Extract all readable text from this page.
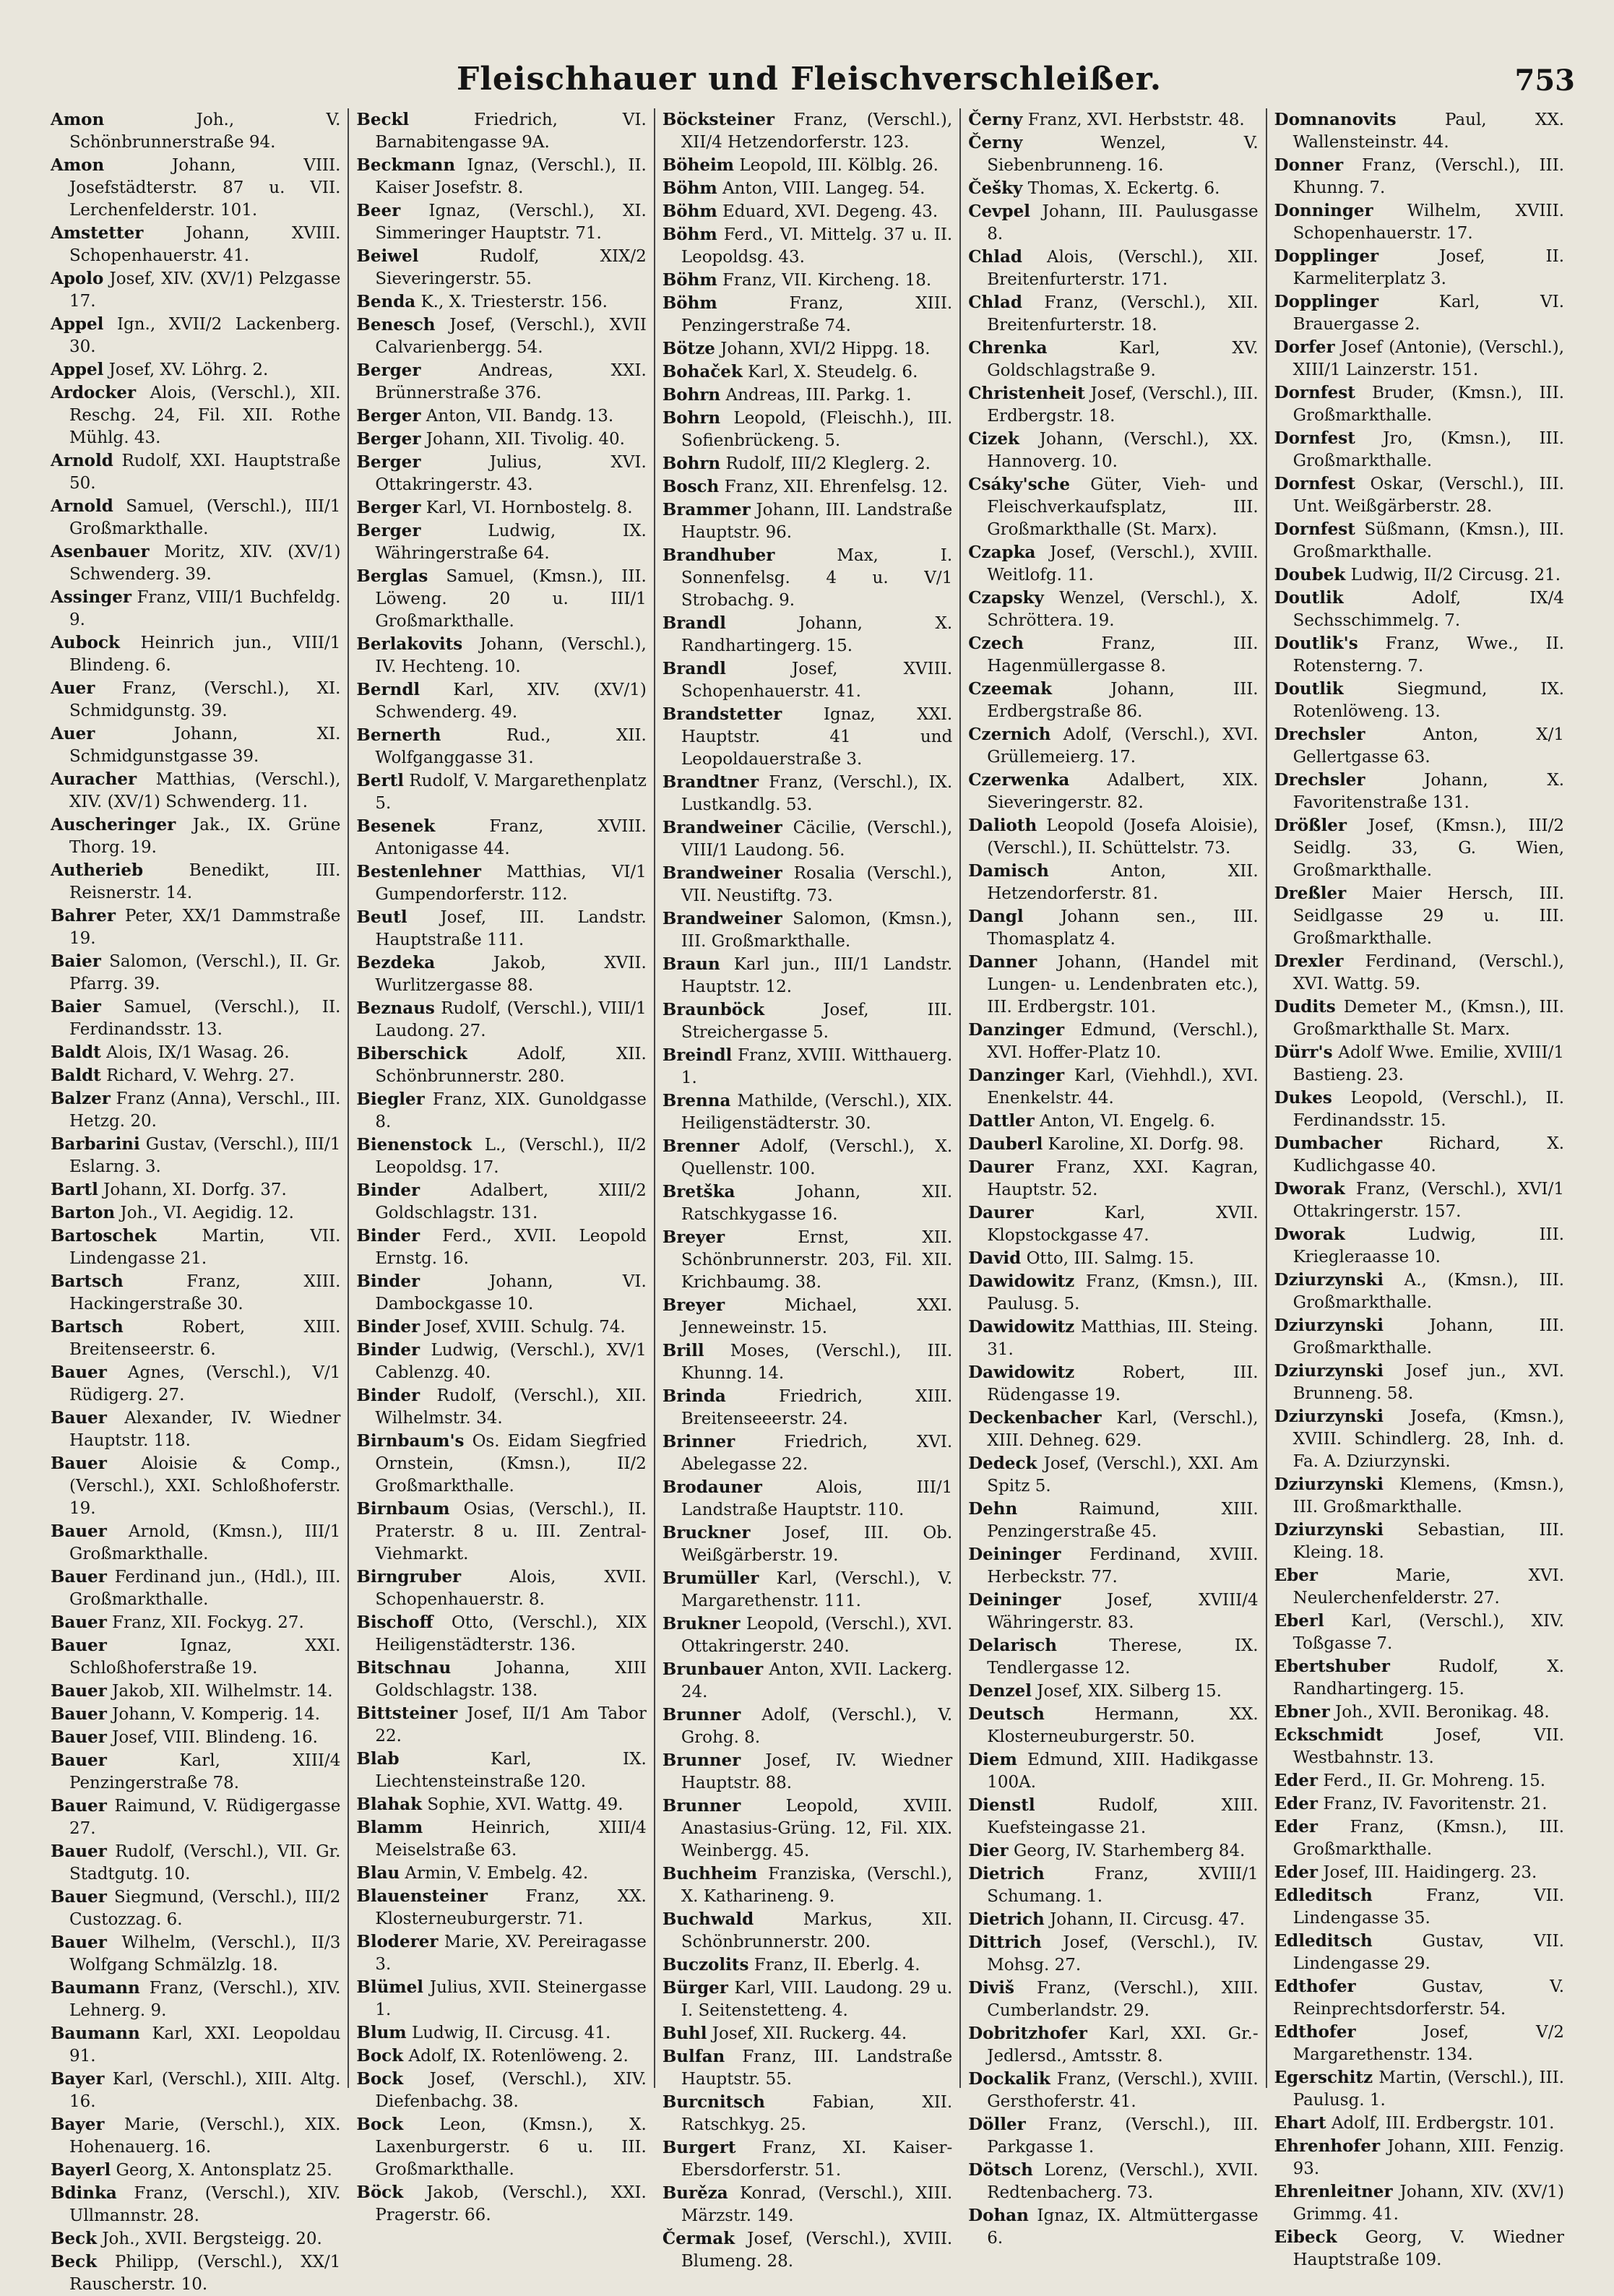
Fleischhauer und Fleischverschleißer.	753
Amon	Joh., V. Schönbrunnerstraße 94.
Amon	Johann, VIII. Josefstädterstr. 87 u. VII. Lerchenfelderstr. 101.
Amstetter	Johann, XVIII. Schopenhauerstr. 41.
Apolo Josef, XIV. (XV/1) Pelzgasse 17.
Appel Ign., XVII/2 Lackenberg. 30.
Appel Josef, XV. Löhrg. 2.
Ardocker Alois, (Verschl.), XII. Reschg. 24, Fil. XII. Rothe Mühlg. 43.
Arnold Rudolf, XXI. Hauptstraße 50.
Arnold Samuel, (Verschl.), III/1 Großmarkthalle.
Asenbauer Moritz, XIV. (XV/1) Schwenderg. 39.
Assinger Franz, VIII/1 Buchfeldg. 9.
Aubock Heinrich jun., VIII/1 Blindeng. 6.
Auer Franz, (Verschl.), XI. Schmidgunstg. 39.
Auer	Johann, XI. Schmidgunstgasse 39.
Auracher Matthias, (Verschl.), XIV. (XV/1) Schwenderg. 11.
Auscheringer Jak., IX. Grüne Thorg. 19.
Autherieb	Benedikt, III. Reisnerstr. 14.
Bahrer Peter, XX/1 Dammstraße 19.
Baier Salomon, (Verschl.), II. Gr. Pfarrg. 39.
Baier Samuel, (Verschl.), II. Ferdinandsstr. 13.
Baldt Alois, IX/1 Wasag. 26.
Baldt Richard, V. Wehrg. 27.
Balzer Franz (Anna), Verschl., III. Hetzg. 20.
Barbarini Gustav, (Verschl.), III/1 Eslarng. 3.
Bartl Johann, XI. Dorfg. 37.
Barton Joh., VI. Aegidig. 12.
Bartoschek	Martin, VII. Lindengasse 21.
Bartsch	Franz, XIII. Hackingerstraße 30.
Bartsch	Robert, XIII. Breitenseerstr. 6.
Bauer Agnes, (Verschl.), V/1 Rüdigerg. 27.
Bauer Alexander, IV. Wiedner Hauptstr. 118.
Bauer Aloisie & Comp., (Verschl.), XXI. Schloßhoferstr. 19.
Bauer Arnold, (Kmsn.), III/1 Großmarkthalle.
Bauer Ferdinand jun., (Hdl.), III. Großmarkthalle.
Bauer Franz, XII. Fockyg. 27.
Bauer	Ignaz, XXI. Schloßhoferstraße 19.
Bauer Jakob, XII. Wilhelmstr. 14.
Bauer Johann, V. Komperig. 14.
Bauer Josef, VIII. Blindeng. 16.
Bauer	Karl, XIII/4 Penzingerstraße 78.
Bauer Raimund, V. Rüdigergasse 27.
Bauer Rudolf, (Verschl.), VII. Gr. Stadtgutg. 10.
Bauer Siegmund, (Verschl.), III/2 Custozzag. 6.
Bauer Wilhelm, (Verschl.), II/3 Wolfgang Schmälzlg. 18.
Baumann Franz, (Verschl.), XIV. Lehnerg. 9.
Baumann Karl, XXI. Leopoldau 91.
Bayer Karl, (Verschl.), XIII. Altg. 16.
Bayer Marie, (Verschl.), XIX. Hohenauerg. 16.
Bayerl Georg, X. Antonsplatz 25.
Bdinka Franz, (Verschl.), XIV. Ullmannstr. 28.
Beck Joh., XVII. Bergsteigg. 20.
Beck Philipp, (Verschl.), XX/1 Rauscherstr. 10.
Beckl	Friedrich, VI. Barnabitengasse 9A.
Beckmann Ignaz, (Verschl.), II. Kaiser Josefstr. 8.
Beer Ignaz, (Verschl.), XI. Simmeringer Hauptstr. 71.
Beiwel	Rudolf, XIX/2 Sieveringerstr. 55.
Benda K., X. Triesterstr. 156.
Benesch Josef, (Verschl.), XVII Calvarienbergg. 54.
Berger	Andreas, XXI. Brünnerstraße 376.
Berger Anton, VII. Bandg. 13.
Berger Johann, XII. Tivolig. 40.
Berger	Julius, XVI. Ottakringerstr. 43.
Berger Karl, VI. Hornbostelg. 8.
Berger	Ludwig, IX. Währingerstraße 64.
Berglas Samuel, (Kmsn.), III. Löweng. 20 u. III/1 Großmarkthalle.
Berlakovits Johann, (Verschl.), IV. Hechteng. 10.
Berndl Karl, XIV. (XV/1) Schwenderg. 49.
Bernerth	Rud., XII. Wolfganggasse 31.
Bertl Rudolf, V. Margarethenplatz 5.
Besenek	Franz, XVIII. Antonigasse 44.
Bestenlehner Matthias, VI/1 Gumpendorferstr. 112.
Beutl Josef, III. Landstr. Hauptstraße 111.
Bezdeka	Jakob, XVII. Wurlitzergasse 88.
Beznaus Rudolf, (Verschl.), VIII/1 Laudong. 27.
Biberschick	Adolf, XII. Schönbrunnerstr. 280.
Biegler Franz, XIX. Gunoldgasse 8.
Bienenstock L., (Verschl.), II/2 Leopoldsg. 17.
Binder	Adalbert, XIII/2 Goldschlagstr. 131.
Binder Ferd., XVII. Leopold Ernstg. 16.
Binder	Johann, VI. Dambockgasse 10.
Binder Josef, XVIII. Schulg. 74.
Binder Ludwig, (Verschl.), XV/1 Cablenzg. 40.
Binder Rudolf, (Verschl.), XII. Wilhelmstr. 34.
Birnbaum's Os. Eidam Siegfried Ornstein, (Kmsn.), II/2 Großmarkthalle.
Birnbaum Osias, (Verschl.), II. Praterstr. 8 u. III. Zentral-Viehmarkt.
Birngruber	Alois, XVII. Schopenhauerstr. 8.
Bischoff Otto, (Verschl.), XIX Heiligenstädterstr. 136.
Bitschnau	Johanna, XIII Goldschlagstr. 138.
Bittsteiner Josef, II/1 Am Tabor 22.
Blab	Karl, IX. Liechtensteinstraße 120.
Blahak Sophie, XVI. Wattg. 49.
Blamm	Heinrich, XIII/4 Meiselstraße 63.
Blau Armin, V. Embelg. 42.
Blauensteiner Franz, XX. Klosterneuburgerstr. 71.
Bloderer Marie, XV. Pereiragasse 3.
Blümel Julius, XVII. Steinergasse 1.
Blum Ludwig, II. Circusg. 41.
Bock Adolf, IX. Rotenlöweng. 2.
Bock Josef, (Verschl.), XIV. Diefenbachg. 38.
Bock Leon, (Kmsn.), X. Laxenburgerstr. 6 u. III. Großmarkthalle.
Böck Jakob, (Verschl.), XXI. Pragerstr. 66.
Böcksteiner Franz, (Verschl.), XII/4 Hetzendorferstr. 123.
Böheim Leopold, III. Kölblg. 26.
Böhm Anton, VIII. Langeg. 54.
Böhm Eduard, XVI. Degeng. 43.
Böhm Ferd., VI. Mittelg. 37 u. II. Leopoldsg. 43.
Böhm Franz, VII. Kircheng. 18.
Böhm	Franz, XIII. Penzingerstraße 74.
Bötze Johann, XVI/2 Hippg. 18.
Bohaček Karl, X. Steudelg. 6.
Bohrn Andreas, III. Parkg. 1.
Bohrn Leopold, (Fleischh.), III. Sofienbrückeng. 5.
Bohrn Rudolf, III/2 Kleglerg. 2.
Bosch Franz, XII. Ehrenfelsg. 12.
Brammer Johann, III. Landstraße Hauptstr. 96.
Brandhuber	Max, I. Sonnenfelsg. 4 u. V/1 Strobachg. 9.
Brandl	Johann, X. Randhartingerg. 15.
Brandl	Josef, XVIII. Schopenhauerstr. 41.
Brandstetter	Ignaz, XXI. Hauptstr. 41 und Leopoldauerstraße 3.
Brandtner Franz, (Verschl.), IX. Lustkandlg. 53.
Brandweiner Cäcilie, (Verschl.), VIII/1 Laudong. 56.
Brandweiner Rosalia (Verschl.), VII. Neustiftg. 73.
Brandweiner Salomon, (Kmsn.), III. Großmarkthalle.
Braun Karl jun., III/1 Landstr. Hauptstr. 12.
Braunböck	Josef, III. Streichergasse 5.
Breindl Franz, XVIII. Witthauerg. 1.
Brenna Mathilde, (Verschl.), XIX. Heiligenstädterstr. 30.
Brenner Adolf, (Verschl.), X. Quellenstr. 100.
Bretška	Johann, XII. Ratschkygasse 16.
Breyer	Ernst, XII. Schönbrunnerstr. 203, Fil. XII. Krichbaumg. 38.
Breyer	Michael, XXI. Jenneweinstr. 15.
Brill Moses, (Verschl.), III. Khunng. 14.
Brinda	Friedrich, XIII. Breitenseeerstr. 24.
Brinner	Friedrich, XVI. Abelegasse 22.
Brodauner	Alois, III/1 Landstraße Hauptstr. 110.
Bruckner Josef, III. Ob. Weißgärberstr. 19.
Brumüller Karl, (Verschl.), V. Margarethenstr. 111.
Brukner Leopold, (Verschl.), XVI. Ottakringerstr. 240.
Brunbauer Anton, XVII. Lackerg. 24.
Brunner Adolf, (Verschl.), V. Grohg. 8.
Brunner Josef, IV. Wiedner Hauptstr. 88.
Brunner	Leopold, XVIII. Anastasius-Grüng. 12, Fil. XIX. Weinbergg. 45.
Buchheim Franziska, (Verschl.), X. Katharineng. 9.
Buchwald	Markus, XII. Schönbrunnerstr. 200.
Buczolits Franz, II. Eberlg. 4.
Bürger Karl, VIII. Laudong. 29 u. I. Seitenstetteng. 4.
Buhl Josef, XII. Ruckerg. 44.
Bulfan Franz, III. Landstraße Hauptstr. 55.
Burcnitsch	Fabian, XII. Ratschkyg. 25.
Burgert Franz, XI. Kaiser-Ebersdorferstr. 51.
Burěza Konrad, (Verschl.), XIII. Märzstr. 149.
Čermak Josef, (Verschl.), XVIII. Blumeng. 28.
Černy Franz, XVI. Herbststr. 48.
Černy	Wenzel, V. Siebenbrunneng. 16.
Češky Thomas, X. Eckertg. 6.
Cevpel Johann, III. Paulusgasse 8.
Chlad Alois, (Verschl.), XII. Breitenfurterstr. 171.
Chlad Franz, (Verschl.), XII. Breitenfurterstr. 18.
Chrenka	Karl, XV. Goldschlagstraße 9.
Christenheit Josef, (Verschl.), III. Erdbergstr. 18.
Cizek Johann, (Verschl.), XX. Hannoverg. 10.
Csáky'sche Güter, Vieh- und Fleischverkaufsplatz, III. Großmarkthalle (St. Marx).
Czapka Josef, (Verschl.), XVIII. Weitlofg. 11.
Czapsky Wenzel, (Verschl.), X. Schröttera. 19.
Czech	Franz, III. Hagenmüllergasse 8.
Czeemak	Johann, III. Erdbergstraße 86.
Czernich Adolf, (Verschl.), XVI. Grüllemeierg. 17.
Czerwenka Adalbert, XIX. Sieveringerstr. 82.
Dalioth Leopold (Josefa Aloisie), (Verschl.), II. Schüttelstr. 73.
Damisch	Anton, XII. Hetzendorferstr. 81.
Dangl Johann sen., III. Thomasplatz 4.
Danner Johann, (Handel mit Lungen- u. Lendenbraten etc.), III. Erdbergstr. 101.
Danzinger Edmund, (Verschl.), XVI. Hoffer-Platz 10.
Danzinger Karl, (Viehhdl.), XVI. Enenkelstr. 44.
Dattler Anton, VI. Engelg. 6.
Dauberl Karoline, XI. Dorfg. 98.
Daurer Franz, XXI. Kagran, Hauptstr. 52.
Daurer	Karl, XVII. Klopstockgasse 47.
David Otto, III. Salmg. 15.
Dawidowitz Franz, (Kmsn.), III. Paulusg. 5.
Dawidowitz Matthias, III. Steing. 31.
Dawidowitz	Robert, III. Rüdengasse 19.
Deckenbacher Karl, (Verschl.), XIII. Dehneg. 629.
Dedeck Josef, (Verschl.), XXI. Am Spitz 5.
Dehn	Raimund, XIII. Penzingerstraße 45.
Deininger Ferdinand, XVIII. Herbeckstr. 77.
Deininger	Josef, XVIII/4 Währingerstr. 83.
Delarisch	Therese, IX. Tendlergasse 12.
Denzel Josef, XIX. Silberg 15.
Deutsch	Hermann, XX. Klosterneuburgerstr. 50.
Diem Edmund, XIII. Hadikgasse 100A.
Dienstl	Rudolf, XIII. Kuefsteingasse 21.
Dier Georg, IV. Starhemberg 84.
Dietrich	Franz, XVIII/1 Schumang. 1.
Dietrich Johann, II. Circusg. 47.
Dittrich Josef, (Verschl.), IV. Mohsg. 27.
Diviš Franz, (Verschl.), XIII. Cumberlandstr. 29.
Dobritzhofer Karl, XXI. Gr.-Jedlersd., Amtsstr. 8.
Dockalik Franz, (Verschl.), XVIII. Gersthoferstr. 41.
Döller Franz, (Verschl.), III. Parkgasse 1.
Dötsch Lorenz, (Verschl.), XVII. Redtenbacherg. 73.
Dohan Ignaz, IX. Altmüttergasse 6.
Domnanovits	Paul, XX. Wallensteinstr. 44.
Donner Franz, (Verschl.), III. Khunng. 7.
Donninger Wilhelm, XVIII. Schopenhauerstr. 17.
Dopplinger	Josef, II. Karmeliterplatz 3.
Dopplinger	Karl, VI. Brauergasse 2.
Dorfer Josef (Antonie), (Verschl.), XIII/1 Lainzerstr. 151.
Dornfest Bruder, (Kmsn.), III. Großmarkthalle.
Dornfest Jro, (Kmsn.), III. Großmarkthalle.
Dornfest Oskar, (Verschl.), III. Unt. Weißgärberstr. 28.
Dornfest Süßmann, (Kmsn.), III. Großmarkthalle.
Doubek Ludwig, II/2 Circusg. 21.
Doutlik	Adolf, IX/4 Sechsschimmelg. 7.
Doutlik's Franz, Wwe., II. Rotensterng. 7.
Doutlik	Siegmund, IX. Rotenlöweng. 13.
Drechsler	Anton, X/1 Gellertgasse 63.
Drechsler	Johann, X. Favoritenstraße 131.
Drößler Josef, (Kmsn.), III/2 Seidlg. 33, G. Wien, Großmarkthalle.
Dreßler Maier Hersch, III. Seidlgasse 29 u. III. Großmarkthalle.
Drexler Ferdinand, (Verschl.), XVI. Wattg. 59.
Dudits Demeter M., (Kmsn.), III. Großmarkthalle St. Marx.
Dürr's Adolf Wwe. Emilie, XVIII/1 Bastieng. 23.
Dukes Leopold, (Verschl.), II. Ferdinandsstr. 15.
Dumbacher	Richard, X. Kudlichgasse 40.
Dworak Franz, (Verschl.), XVI/1 Ottakringerstr. 157.
Dworak	Ludwig, III. Kriegleraasse 10.
Dziurzynski A., (Kmsn.), III. Großmarkthalle.
Dziurzynski	Johann, III. Großmarkthalle.
Dziurzynski Josef jun., XVI. Brunneng. 58.
Dziurzynski Josefa, (Kmsn.), XVIII. Schindlerg. 28, Inh. d. Fa. A. Dziurzynski.
Dziurzynski Klemens, (Kmsn.), III. Großmarkthalle.
Dziurzynski Sebastian, III. Kleing. 18.
Eber	Marie, XVI. Neulerchenfelderstr. 27.
Eberl Karl, (Verschl.), XIV. Toßgasse 7.
Ebertshuber	Rudolf, X. Randhartingerg. 15.
Ebner Joh., XVII. Beronikag. 48.
Eckschmidt	Josef, VII. Westbahnstr. 13.
Eder Ferd., II. Gr. Mohreng. 15.
Eder Franz, IV. Favoritenstr. 21.
Eder Franz, (Kmsn.), III. Großmarkthalle.
Eder Josef, III. Haidingerg. 23.
Edleditsch	Franz, VII. Lindengasse 35.
Edleditsch	Gustav, VII. Lindengasse 29.
Edthofer	Gustav, V. Reinprechtsdorferstr. 54.
Edthofer	Josef, V/2 Margarethenstr. 134.
Egerschitz Martin, (Verschl.), III. Paulusg. 1.
Ehart Adolf, III. Erdbergstr. 101.
Ehrenhofer Johann, XIII. Fenzig. 93.
Ehrenleitner Johann, XIV. (XV/1) Grimmg. 41.
Eibeck Georg, V. Wiedner Hauptstraße 109.
